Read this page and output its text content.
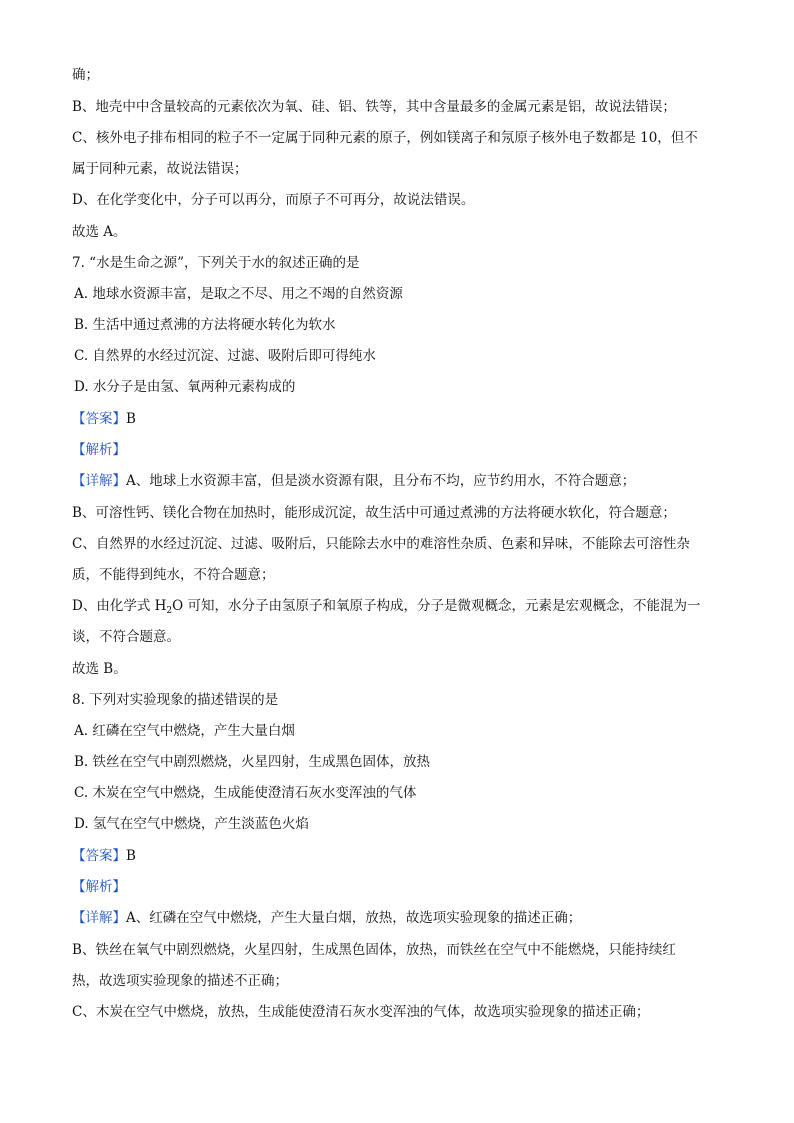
确；
B、地壳中中含量较高的元素依次为氧、硅、铝、铁等，其中含量最多的金属元素是铝，故说法错误；
C、核外电子排布相同的粒子不一定属于同种元素的原子，例如镁离子和氖原子核外电子数都是 10，但不
属于同种元素，故说法错误；
D、在化学变化中，分子可以再分，而原子不可再分，故说法错误。
故选 A。
7. “水是生命之源”，下列关于水的叙述正确的是
A. 地球水资源丰富，是取之不尽、用之不竭的自然资源
B. 生活中通过煮沸的方法将硬水转化为软水
C. 自然界的水经过沉淀、过滤、吸附后即可得纯水
D. 水分子是由氢、氧两种元素构成的
【答案】B
【解析】
【详解】A、地球上水资源丰富，但是淡水资源有限，且分布不均，应节约用水，不符合题意；
B、可溶性钙、镁化合物在加热时，能形成沉淀，故生活中可通过煮沸的方法将硬水软化，符合题意；
C、自然界的水经过沉淀、过滤、吸附后，只能除去水中的难溶性杂质、色素和异味，不能除去可溶性杂
质，不能得到纯水，不符合题意；
D、由化学式 $H_2O$ 可知，水分子由氢原子和氧原子构成，分子是微观概念，元素是宏观概念，不能混为一
谈，不符合题意。
故选 B。
8. 下列对实验现象的描述错误的是
A. 红磷在空气中燃烧，产生大量白烟
B. 铁丝在空气中剧烈燃烧，火星四射，生成黑色固体，放热
C. 木炭在空气中燃烧，生成能使澄清石灰水变浑浊的气体
D. 氢气在空气中燃烧，产生淡蓝色火焰
【答案】B
【解析】
【详解】A、红磷在空气中燃烧，产生大量白烟，放热，故选项实验现象的描述正确；
B、铁丝在氧气中剧烈燃烧，火星四射，生成黑色固体，放热，而铁丝在空气中不能燃烧，只能持续红
热，故选项实验现象的描述不正确；
C、木炭在空气中燃烧，放热，生成能使澄清石灰水变浑浊的气体，故选项实验现象的描述正确；
